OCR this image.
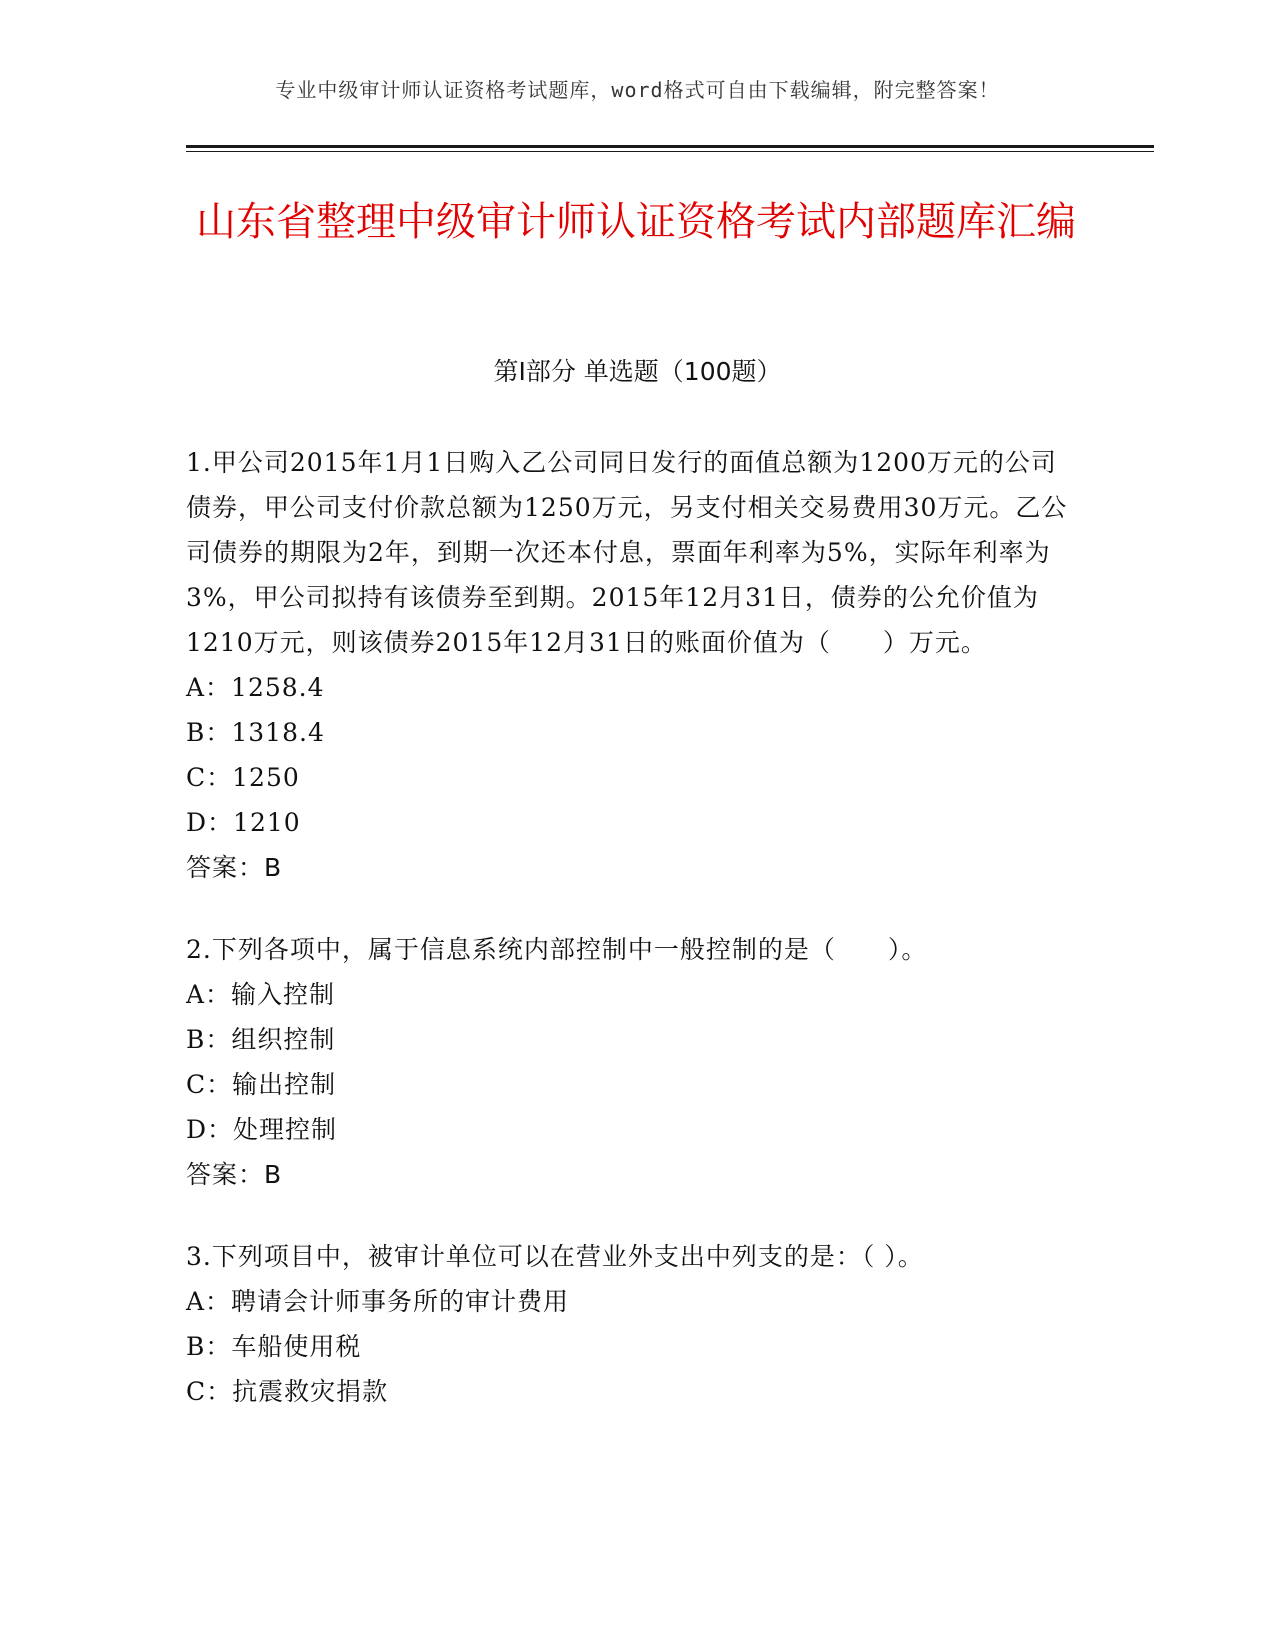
专业中级审计师认证资格考试题库，word格式可自由下载编辑，附完整答案！
山东省整理中级审计师认证资格考试内部题库汇编
第Ⅰ部分 单选题（100题）

1.甲公司2015年1月1日购入乙公司同日发行的面值总额为1200万元的公司债券，甲公司支付价款总额为1250万元，另支付相关交易费用30万元。乙公司债券的期限为2年，到期一次还本付息，票面年利率为5%，实际年利率为3%，甲公司拟持有该债券至到期。2015年12月31日，债券的公允价值为1210万元，则该债券2015年12月31日的账面价值为（　　）万元。

A：1258.4

B：1318.4

C：1250

D：1210

答案：B

2.下列各项中，属于信息系统内部控制中一般控制的是（　　）。

A：输入控制

B：组织控制

C：输出控制

D：处理控制

答案：B

3.下列项目中，被审计单位可以在营业外支出中列支的是：（ ）。

A：聘请会计师事务所的审计费用

B：车船使用税

C：抗震救灾捐款
